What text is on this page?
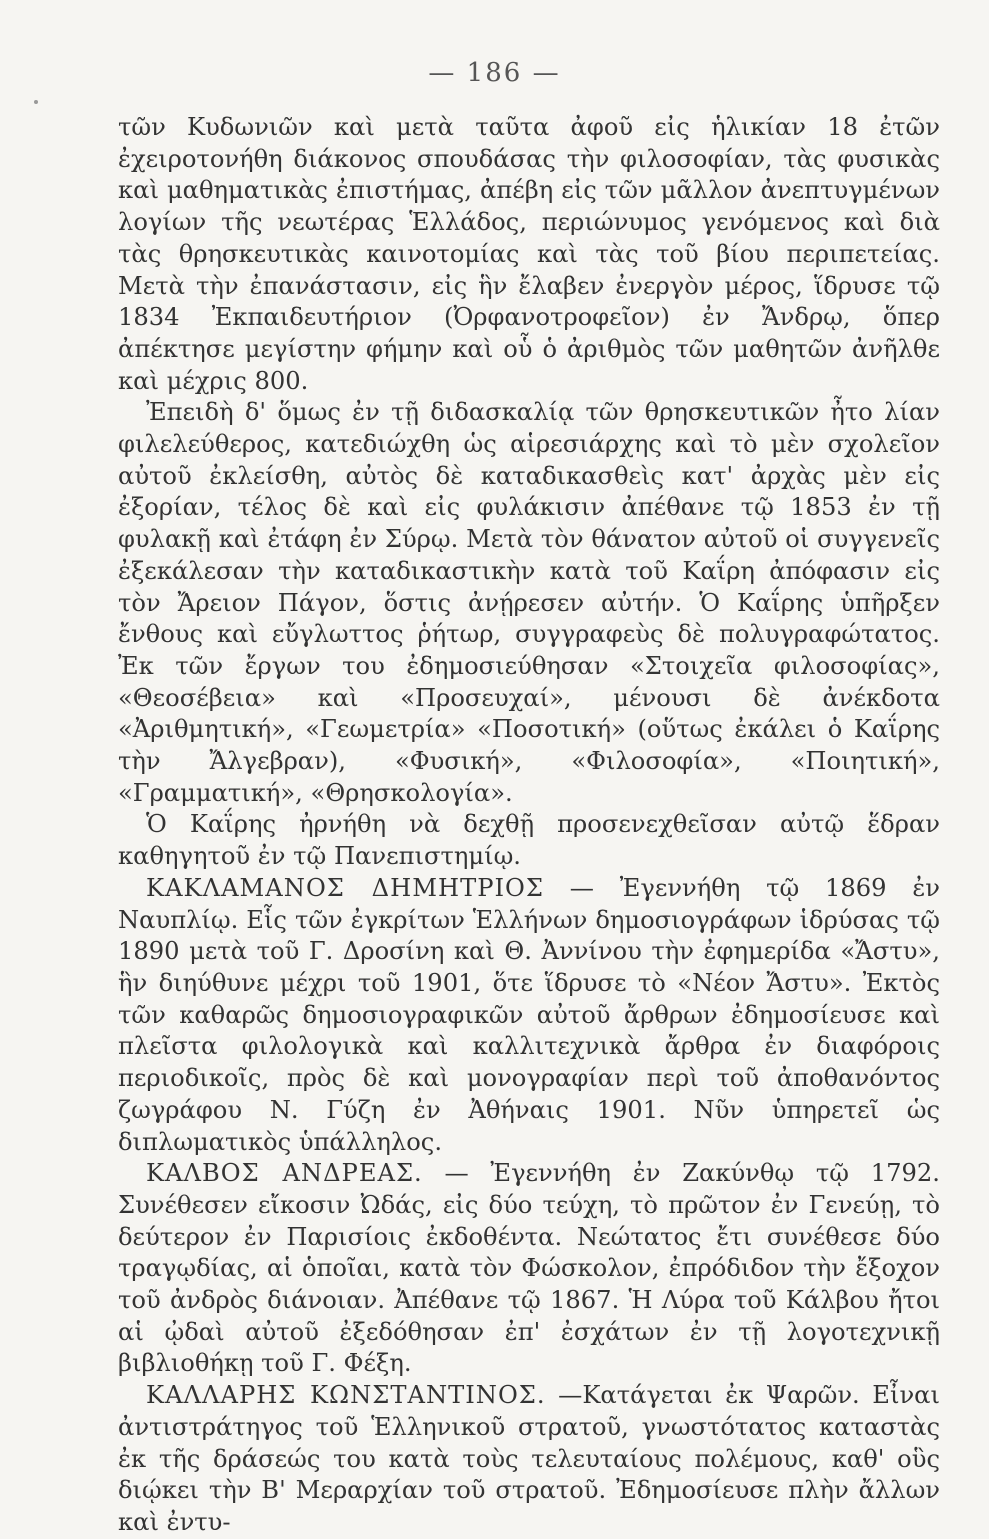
— 186 —

τῶν Κυδωνιῶν καὶ μετὰ ταῦτα ἀφοῦ εἰς ἡλικίαν 18 ἐτῶν ἐχειροτονήθη διάκονος σπουδάσας τὴν φιλοσοφίαν, τὰς φυσικὰς καὶ μαθηματικὰς ἐπιστήμας, ἀπέβη εἰς τῶν μᾶλλον ἀνεπτυγμένων λογίων τῆς νεωτέρας Ἑλλάδος, περιώνυμος γενόμενος καὶ διὰ τὰς θρησκευτικὰς καινοτομίας καὶ τὰς τοῦ βίου περιπετείας. Μετὰ τὴν ἐπανάστασιν, εἰς ἣν ἔλαβεν ἐνεργὸν μέρος, ἵδρυσε τῷ 1834 Ἐκπαιδευτήριον (Ὀρφανοτροφεῖον) ἐν Ἄνδρῳ, ὅπερ ἀπέκτησε μεγίστην φήμην καὶ οὗ ὁ ἀριθμὸς τῶν μαθητῶν ἀνῆλθε καὶ μέχρις 800.

Ἐπειδὴ δ' ὅμως ἐν τῇ διδασκαλίᾳ τῶν θρησκευτικῶν ἦτο λίαν φιλελεύθερος, κατεδιώχθη ὡς αἱρεσιάρχης καὶ τὸ μὲν σχολεῖον αὐτοῦ ἐκλείσθη, αὐτὸς δὲ καταδικασθεὶς κατ' ἀρχὰς μὲν εἰς ἐξορίαν, τέλος δὲ καὶ εἰς φυλάκισιν ἀπέθανε τῷ 1853 ἐν τῇ φυλακῇ καὶ ἐτάφη ἐν Σύρῳ. Μετὰ τὸν θάνατον αὐτοῦ οἱ συγγενεῖς ἐξεκάλεσαν τὴν καταδικαστικὴν κατὰ τοῦ Καΐρη ἀπόφασιν εἰς τὸν Ἄρειον Πάγον, ὅστις ἀνῄρεσεν αὐτήν. Ὁ Καΐρης ὑπῆρξεν ἔνθους καὶ εὔγλωττος ῥήτωρ, συγγραφεὺς δὲ πολυγραφώτατος. Ἐκ τῶν ἔργων του ἐδημοσιεύθησαν «Στοιχεῖα φιλοσοφίας», «Θεοσέβεια» καὶ «Προσευχαί», μένουσι δὲ ἀνέκδοτα «Ἀριθμητική», «Γεωμετρία» «Ποσοτική» (οὕτως ἐκάλει ὁ Καΐρης τὴν Ἄλγεβραν), «Φυσική», «Φιλοσοφία», «Ποιητική», «Γραμματική», «Θρησκολογία».

Ὁ Καΐρης ἠρνήθη νὰ δεχθῇ προσενεχθεῖσαν αὐτῷ ἕδραν καθηγητοῦ ἐν τῷ Πανεπιστημίῳ.

ΚΑΚΛΑΜΑΝΟΣ ΔΗΜΗΤΡΙΟΣ — Ἐγεννήθη τῷ 1869 ἐν Ναυπλίῳ. Εἷς τῶν ἐγκρίτων Ἑλλήνων δημοσιογράφων ἱδρύσας τῷ 1890 μετὰ τοῦ Γ. Δροσίνη καὶ Θ. Ἀννίνου τὴν ἐφημερίδα «Ἄστυ», ἣν διηύθυνε μέχρι τοῦ 1901, ὅτε ἵδρυσε τὸ «Νέον Ἄστυ». Ἐκτὸς τῶν καθαρῶς δημοσιογραφικῶν αὐτοῦ ἄρθρων ἐδημοσίευσε καὶ πλεῖστα φιλολογικὰ καὶ καλλιτεχνικὰ ἄρθρα ἐν διαφόροις περιοδικοῖς, πρὸς δὲ καὶ μονογραφίαν περὶ τοῦ ἀποθανόντος ζωγράφου Ν. Γύζη ἐν Ἀθήναις 1901. Νῦν ὑπηρετεῖ ὡς διπλωματικὸς ὑπάλληλος.

ΚΑΛΒΟΣ ΑΝΔΡΕΑΣ. — Ἐγεννήθη ἐν Ζακύνθῳ τῷ 1792. Συνέθεσεν εἴκοσιν Ὠδάς, εἰς δύο τεύχη, τὸ πρῶτον ἐν Γενεύῃ, τὸ δεύτερον ἐν Παρισίοις ἐκδοθέντα. Νεώτατος ἔτι συνέθεσε δύο τραγῳδίας, αἱ ὁποῖαι, κατὰ τὸν Φώσκολον, ἐπρόδιδον τὴν ἔξοχον τοῦ ἀνδρὸς διάνοιαν. Ἀπέθανε τῷ 1867. Ἡ Λύρα τοῦ Κάλβου ἤτοι αἱ ᾠδαὶ αὐτοῦ ἐξεδόθησαν ἐπ' ἐσχάτων ἐν τῇ λογοτεχνικῇ βιβλιοθήκῃ τοῦ Γ. Φέξη.

ΚΑΛΛΑΡΗΣ ΚΩΝΣΤΑΝΤΙΝΟΣ. —Κατάγεται ἐκ Ψαρῶν. Εἶναι ἀντιστράτηγος τοῦ Ἑλληνικοῦ στρατοῦ, γνωστότατος καταστὰς ἐκ τῆς δράσεώς του κατὰ τοὺς τελευταίους πολέμους, καθ' οὓς διῴκει τὴν Β' Μεραρχίαν τοῦ στρατοῦ. Ἐδημοσίευσε πλὴν ἄλλων καὶ ἐντυ-
